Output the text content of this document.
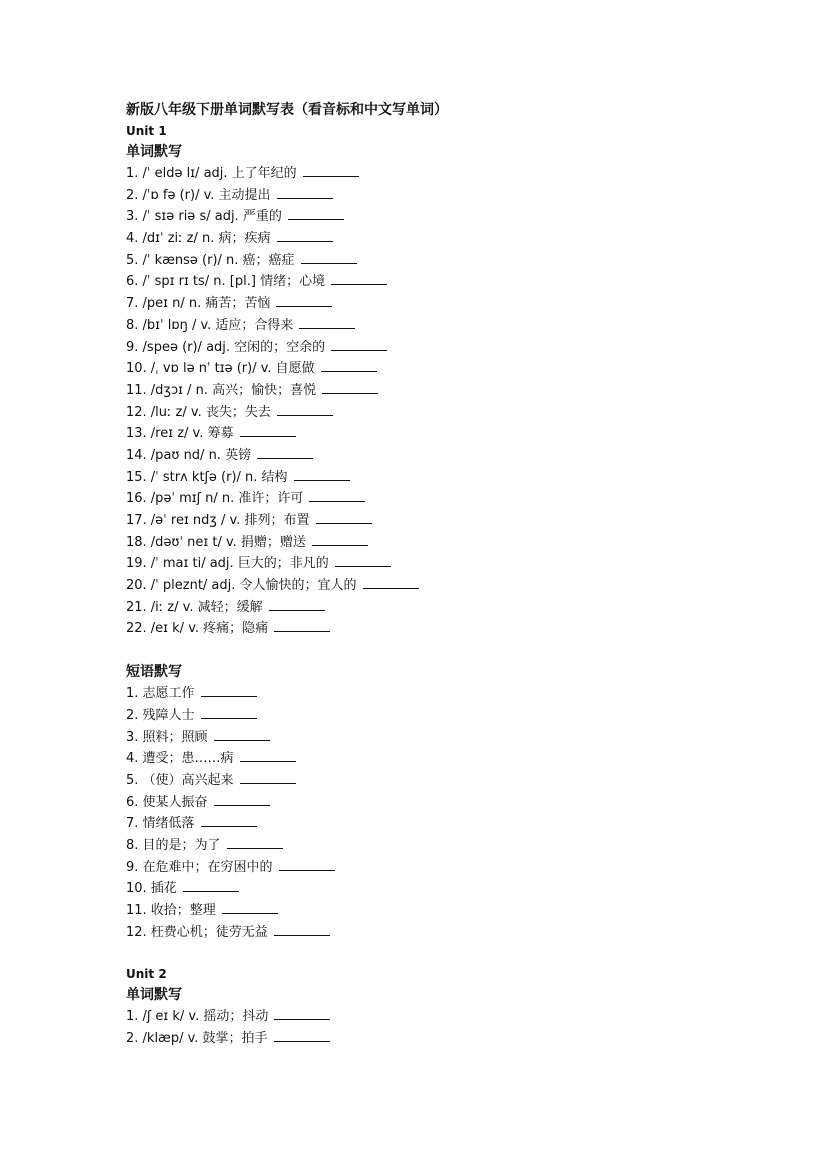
新版八年级下册单词默写表（看音标和中文写单词）
Unit 1
单词默写
1. /ˈ eldə lɪ/ adj. 上了年纪的
2. /ˈɒ fə (r)/ v. 主动提出
3. /ˈ sɪə riə s/ adj. 严重的
4. /dɪˈ ziː z/ n. 病；疾病
5. /ˈ kænsə (r)/ n. 癌；癌症
6. /ˈ spɪ rɪ ts/ n. [pl.] 情绪；心境
7. /peɪ n/ n. 痛苦；苦恼
8. /bɪˈ lɒŋ / v. 适应；合得来
9. /speə (r)/ adj. 空闲的；空余的
10. /ˌ vɒ lə nˈ tɪə (r)/ v. 自愿做
11. /dʒɔɪ / n. 高兴；愉快；喜悦
12. /luː z/ v. 丧失；失去
13. /reɪ z/ v. 筹募
14. /paʊ nd/ n. 英镑
15. /ˈ strʌ ktʃə (r)/ n. 结构
16. /pəˈ mɪʃ n/ n. 准许；许可
17. /əˈ reɪ ndʒ / v. 排列；布置
18. /dəʊˈ neɪ t/ v. 捐赠；赠送
19. /ˈ maɪ ti/ adj. 巨大的；非凡的
20. /ˈ pleznt/ adj. 令人愉快的；宜人的
21. /iː z/ v. 减轻；缓解
22. /eɪ k/ v. 疼痛；隐痛
短语默写
1. 志愿工作
2. 残障人士
3. 照料；照顾
4. 遭受；患……病
5. （使）高兴起来
6. 使某人振奋
7. 情绪低落
8. 目的是；为了
9. 在危难中；在穷困中的
10. 插花
11. 收拾；整理
12. 枉费心机；徒劳无益
Unit 2
单词默写
1. /ʃ eɪ k/ v. 摇动；抖动
2. /klæp/ v. 鼓掌；拍手
